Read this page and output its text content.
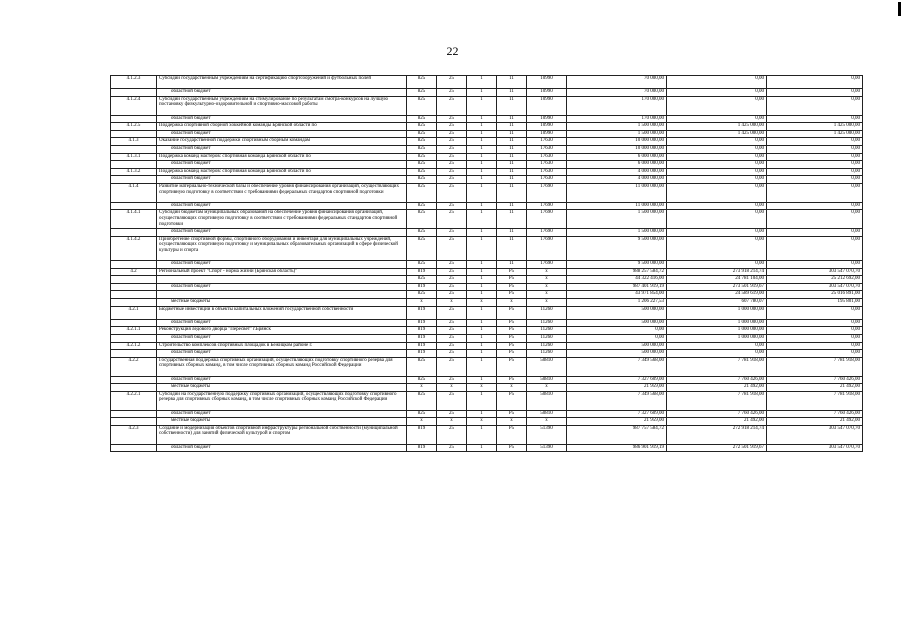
22
4.1.2.3	Субсидии государственным учреждениям на сертификацию спортсооружений и футбольных полей	825	25	1	11	10990	70 000,00	0,00	0,00
	областной бюджет	825	25	1	11	10990	70 000,00	0,00	0,00
4.1.2.4	Субсидии государственным учреждениям на стимулирование по результатам смотра-конкурсов на лучшую постановку физкультурно-оздоровительной и спортивно-массовой работы	825	25	1	11	10990	170 000,00	0,00	0,00
	областной бюджет	825	25	1	11	10990	170 000,00	0,00	0,00
4.1.2.5	Поддержка спортивной сборной хоккейной команды Брянской области по	825	25	1	11	10990	1 500 000,00	1 425 000,00	1 425 000,00
	областной бюджет	825	25	1	11	10990	1 500 000,00	1 425 000,00	1 425 000,00
4.1.3	Оказание государственной поддержки спортивным сборным командам	825	25	1	11	17630	10 000 000,00	0,00	0,00
	областной бюджет	825	25	1	11	17630	10 000 000,00	0,00	0,00
4.1.3.1	Поддержка команд мастеров: спортивная команда Брянской области по	825	25	1	11	17630	6 000 000,00	0,00	0,00
	областной бюджет	825	25	1	11	17630	6 000 000,00	0,00	0,00
4.1.3.2	Поддержка команд мастеров: спортивная команда Брянской области по	825	25	1	11	17630	4 000 000,00	0,00	0,00
	областной бюджет	825	25	1	11	17630	4 000 000,00	0,00	0,00
4.1.4	Развитие материально-технической базы и обеспечение уровня финансирования организаций, осуществляющих спортивную подготовку в соответствии с требованиями федеральных стандартов спортивной подготовки	825	25	1	11	17690	11 000 000,00	0,00	0,00
	областной бюджет	825	25	1	11	17690	11 000 000,00	0,00	0,00
4.1.4.1	Субсидии бюджетам муниципальных образований на обеспечение уровня финансирования организаций, осуществляющих спортивную подготовку в соответствии с требованиями федеральных стандартов спортивной подготовки	825	25	1	11	17690	1 500 000,00	0,00	0,00
	областной бюджет	825	25	1	11	17690	1 500 000,00	0,00	0,00
4.1.4.2	Приобретение спортивной формы, спортивного оборудования и инвентаря для муниципальных учреждений, осуществляющих спортивную подготовку и муниципальных образовательных организаций в сфере физической культуры и спорта	825	25	1	11	17690	9 500 000,00	0,00	0,00
	областной бюджет	825	25	1	11	17690	9 500 000,00	0,00	0,00
4.2	Региональный проект "Спорт - норма жизни (Брянская область)"	819	25	1	P5	x	988 257 584,72	273 918 214,74	303 547 070,70
		825	25	1	P5	x	44 322 416,00	24 781 104,00	25 212 692,00
	областной бюджет	819	25	1	P5	x	987 401 919,19	273 501 919,67	303 547 070,70
		825	25	1	P5	x	43 971 854,00	24 589 619,00	25 016 891,00
	местные бюджеты	x	x	x	x	x	1 206 227,53	607 780,07	195 801,00
4.2.1	Бюджетные инвестиции в объекты капитальных вложений государственной собственности	819	25	1	P5	11260	500 000,00	1 000 000,00	0,00
	областной бюджет	819	25	1	P5	11260	500 000,00	1 000 000,00	0,00
4.2.1.1	Реконструкция ледового дворца "Пересвет" г.Брянск	819	25	1	P5	11260	0,00	1 000 000,00	0,00
	областной бюджет	819	25	1	P5	11260	0,00	1 000 000,00	0,00
4.2.1.2	Строительство комплексов спортивных площадок в Бежицком районе г.	819	25	1	P5	11260	500 000,00	0,00	0,00
	областной бюджет	819	25	1	P5	11260	500 000,00	0,00	0,00
4.2.2	Государственная поддержка спортивных организаций, осуществляющих подготовку спортивного резерва для спортивных сборных команд, в том числе спортивных сборных команд Российской Федерации	825	25	1	P5	50810	7 349 568,00	7 781 918,00	7 781 918,00
	областной бюджет	825	25	1	P5	50810	7 327 609,00	7 760 426,00	7 760 426,00
	местные бюджеты	x	x	x	x	x	21 959,00	21 492,00	21 492,00
4.2.2.1	Субсидии на государственную поддержку спортивных организаций, осуществляющих подготовку спортивного резерва для спортивных сборных команд, в том числе спортивных сборных команд Российской Федерации	825	25	1	P5	50810	7 349 568,00	7 781 918,00	7 781 918,00
	областной бюджет	825	25	1	P5	50810	7 327 609,00	7 760 426,00	7 760 426,00
	местные бюджеты	x	x	x	x	x	21 959,00	21 492,00	21 492,00
4.2.3	Создание и модернизация объектов спортивной инфраструктуры региональной собственности (муниципальной собственности) для занятий физической культурой и спортом	819	25	1	P5	51390	987 757 584,72	272 918 214,74	303 547 070,70
	областной бюджет	819	25	1	P5	51390	986 901 919,19	272 501 919,67	303 547 070,70
